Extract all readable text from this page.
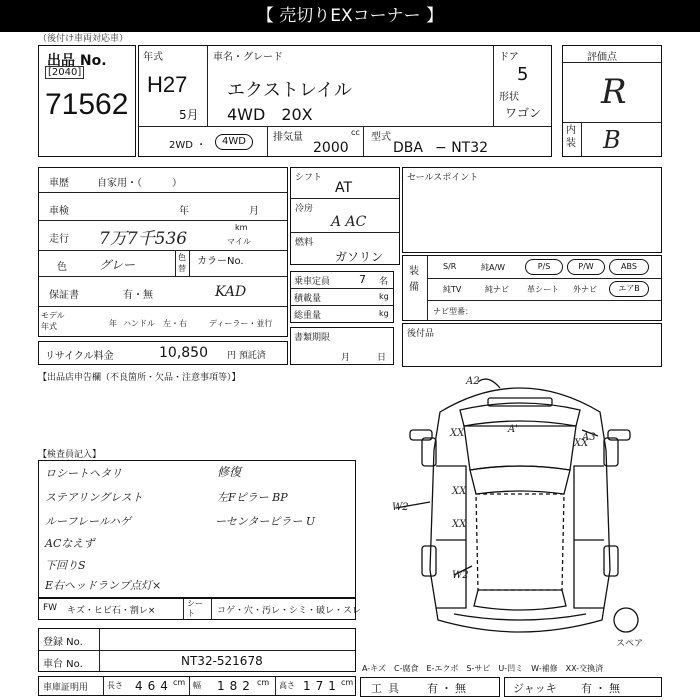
【 売切りEXコーナー 】
（後付け車両対応車）
出品 No.
[2040]
71562
年式
H27
5月
車名・グレード
エクストレイル
4WD　20X
ドア
5
形状
ワゴン
2WD ・	4WD	排気量	cc
2000
型式
DBA − NT32
評価点
R
内装 B
車歴	自家用・（　　　）
車検	年	月
走行 7万7千536
km
マイル
色	グレー
色替
カラーNo.
保証書	有・無	KAD
モデル年式	年 ハンドル　左・右	ディーラー・並行
リサイクル料金	10,850 円 預託済
シフト
AT
冷房
A AC
燃料
ガソリン
乗車定員	7 名
積載量	kg
総重量	kg
書類期限
月	日
セールスポイント
装備
S/R	純A/W	P/S	P/W	ABS
純TV	純ナビ 革シート 外ナビ	エアB
ナビ型番：
後付品
【出品店申告欄（不良箇所・欠品・注意事項等）】
【検査員記入】
ロシートヘタリ
ステアリングレスト
ルーフレールハゲ
ACなえず
下回りS
E右ヘッドランプ点灯×
修復
左Fピラー BP
ーセンターピラー U
FW キズ・ヒビ石・割レ×
シート	コゲ・穴・汚レ・シミ・破レ・スレ
登録 No.
車台 No.	NT32-521678
車庫証明用 長さ 464 cm 幅 182 cm 高さ 171 cm
A-キズ　C-腐食　E-エクボ　S-サビ　U-凹ミ　W-補修　XX-交換済
工具 有・無	ジャッキ 有・無
A2
A'
A3
XX
XX
XX
XX
W2
W2
スペア
